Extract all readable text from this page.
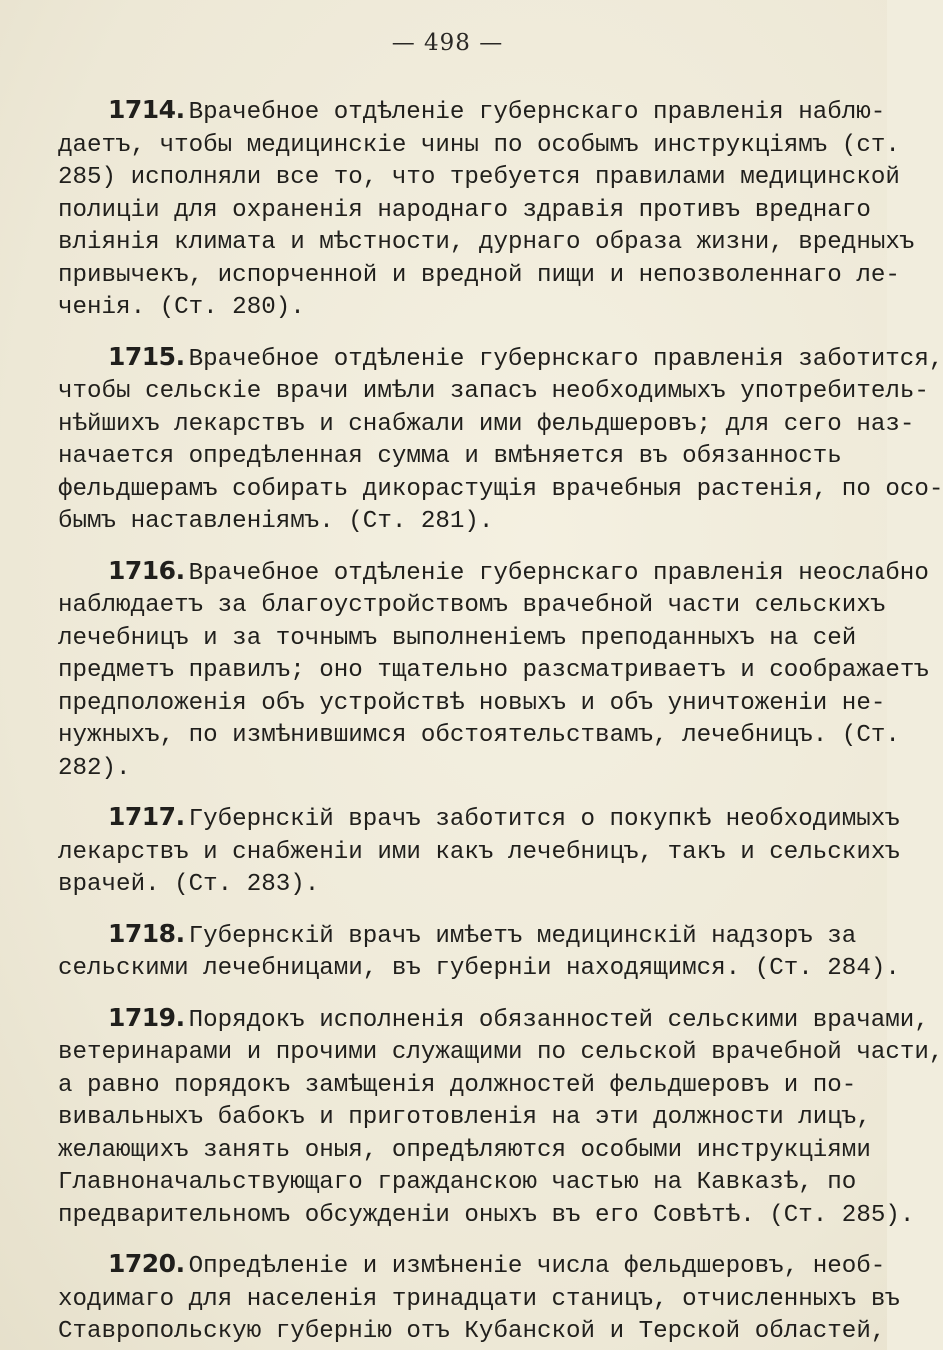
— 498 —
1714. Врачебное отдѣленіе губернскаго правленія наблю-
даетъ, чтобы медицинскіе чины по особымъ инструкціямъ (ст.
285) исполняли все то, что требуется правилами медицинской
полиціи для охраненія народнаго здравія противъ вреднаго
вліянія климата и мѣстности, дурнаго образа жизни, вредныхъ
привычекъ, испорченной и вредной пищи и непозволеннаго ле-
ченія. (Ст. 280).
1715. Врачебное отдѣленіе губернскаго правленія заботится,
чтобы сельскіе врачи имѣли запасъ необходимыхъ употребитель-
нѣйшихъ лекарствъ и снабжали ими фельдшеровъ; для сего наз-
начается опредѣленная сумма и вмѣняется въ обязанность
фельдшерамъ собирать дикорастущія врачебныя растенія, по осо-
бымъ наставленіямъ. (Ст. 281).
1716. Врачебное отдѣленіе губернскаго правленія неослабно
наблюдаетъ за благоустройствомъ врачебной части сельскихъ
лечебницъ и за точнымъ выполненіемъ преподанныхъ на сей
предметъ правилъ; оно тщательно разсматриваетъ и соображаетъ
предположенія объ устройствѣ новыхъ и объ уничтоженіи не-
нужныхъ, по измѣнившимся обстоятельствамъ, лечебницъ. (Ст.
282).
1717. Губернскій врачъ заботится о покупкѣ необходимыхъ
лекарствъ и снабженіи ими какъ лечебницъ, такъ и сельскихъ
врачей. (Ст. 283).
1718. Губернскій врачъ имѣетъ медицинскій надзоръ за
сельскими лечебницами, въ губерніи находящимся. (Ст. 284).
1719. Порядокъ исполненія обязанностей сельскими врачами,
ветеринарами и прочими служащими по сельской врачебной части,
а равно порядокъ замѣщенія должностей фельдшеровъ и по-
вивальныхъ бабокъ и приготовленія на эти должности лицъ,
желающихъ занять оныя, опредѣляются особыми инструкціями
Главноначальствующаго гражданскою частью на Кавказѣ, по
предварительномъ обсужденіи оныхъ въ его Совѣтѣ. (Ст. 285).
1720. Опредѣленіе и измѣненіе числа фельдшеровъ, необ-
ходимаго для населенія тринадцати станицъ, отчисленныхъ въ
Ставропольскую губернію отъ Кубанской и Терской областей,
